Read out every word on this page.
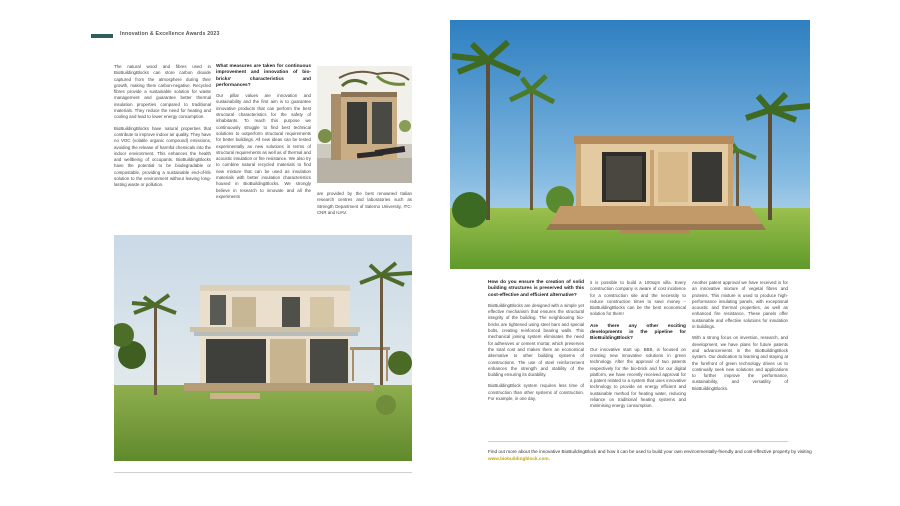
Innovation & Excellence Awards 2023

The natural wood and fibres used in BioBuildingBlocks can store carbon dioxide captured from the atmosphere during their growth, making them carbon-negative. Recycled fibres provide a sustainable solution for waste management and guarantee better thermal insulation properties compared to traditional materials. They reduce the need for heating and cooling and lead to lower energy consumption.

BioBuildingBlocks have natural properties that contribute to improve indoor air quality. They have no VOC (volatile organic compound) emissions, avoiding the release of harmful chemicals into the indoor environment. This enhances the health and wellbeing of occupants. BioBuildingBlocks have the potential to be biodegradable or compostable, providing a sustainable end-of-life solution to the environment without leaving long-lasting waste or pollution.

What measures are taken for continuous improvement and innovation of bio-bricks' characteristics and performances?

Our pillar values are innovation and sustainability and the first aim is to guarantee innovative products that can perform the best structural characteristics for the safety of inhabitants. To reach this purpose we continuously struggle to find best technical solutions to outperform structural requirements for better buildings. All new ideas can be tested experimentally as new solutions in terms of structural requirements as well as of thermal and acoustic insulation or fire resistance. We also try to combine natural recycled materials to find new mixture that can be used as insulation materials with better insulation characteristics housed in BioBuildingBlocks. We strongly believe in research to innovate and all the experiments

are provided by the best renowned Italian research centres and laboratories such as Strength Department of Salerno University, ITC-CNR and IUAV.

How do you ensure the creation of solid building structures is preserved with this cost-effective and efficient alternative?

BioBuildingBlocks are designed with a simple yet effective mechanism that ensures the structural integrity of the building. The neighbouring bio-bricks are tightened using steel bars and special bolts, creating reinforced bearing walls. This mechanical joining system eliminates the need for adhesives or cement mortar, which preserves the total cost and makes them an economical alternative to other building systems of constructions. The use of steel reinforcement enhances the strength and stability of the building ensuring its durability.

BioBuildingBlock system requires less time of construction than other systems of construction. For example, in one day,

it is possible to build a 100sqm villa. Every construction company is aware of cost incidence for a construction site and the necessity to reduce construction times to save money – BioBuildingBlocks can be the best economical solution for them!

Are there any other exciting developments in the pipeline for BioBuildingBlock?

Our innovative start up, BBB, is focused on creating new innovative solutions in green technology. After the approval of two patents respectively for the bio-brick and for our digital platform, we have recently received approval for a patent related to a system that uses innovative technology to provide an energy efficient and sustainable method for heating water, reducing reliance on traditional heating systems and minimising energy consumption.

Another patent approval we have received is for an innovative mixture of vegetal fibres and proteins. This mixture is used to produce high-performance insulating panels, with exceptional acoustic and thermal properties, as well as enhanced fire resistance. These panels offer sustainable and effective solutions for insulation in buildings.

With a strong focus on invention, research, and development, we have plans for future patents and advancements in the BioBuildingBlock system. Our dedication to learning and staying at the forefront of green technology drives us to continually seek new solutions and applications to further improve the performance, sustainability, and versatility of BioBuildingBlocks.

Find out more about the innovative BioBuildingBlock and how it can be used to build your own environmentally-friendly and cost-effective property by visiting www.biobuildingblock.com.
